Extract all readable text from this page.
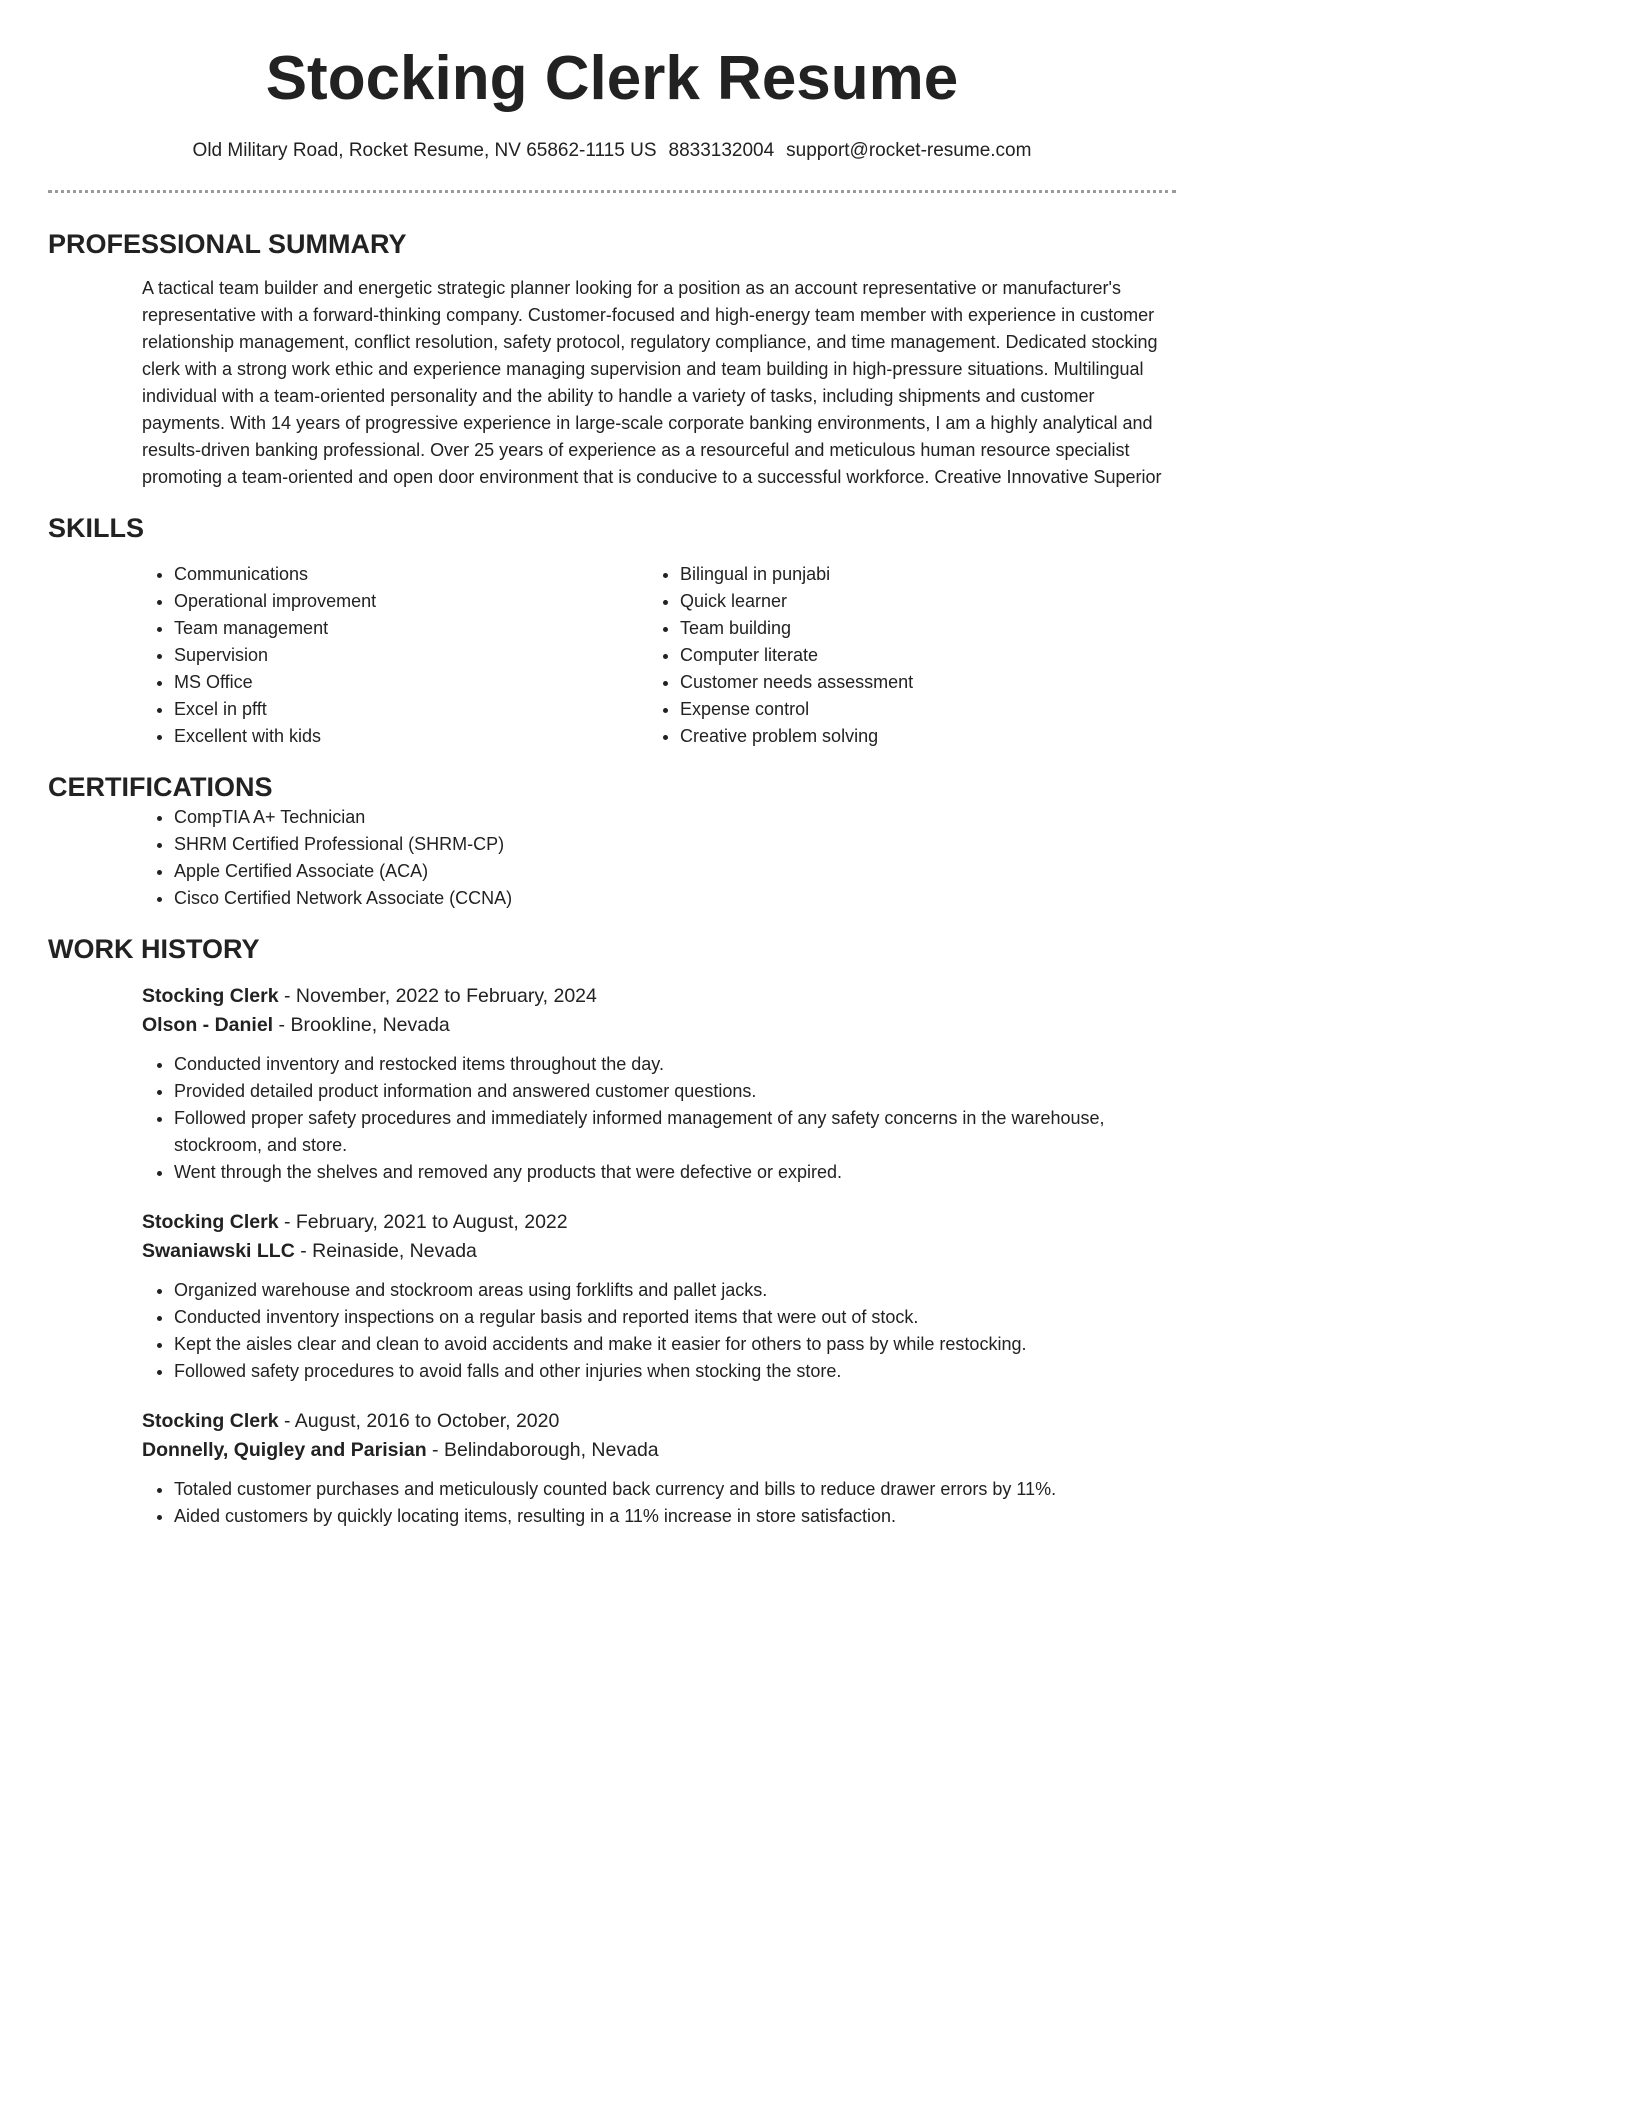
Stocking Clerk Resume
Old Military Road, Rocket Resume, NV 65862-1115 US 8833132004 support@rocket-resume.com
PROFESSIONAL SUMMARY

A tactical team builder and energetic strategic planner looking for a position as an account representative or manufacturer's representative with a forward-thinking company. Customer-focused and high-energy team member with experience in customer relationship management, conflict resolution, safety protocol, regulatory compliance, and time management. Dedicated stocking clerk with a strong work ethic and experience managing supervision and team building in high-pressure situations. Multilingual individual with a team-oriented personality and the ability to handle a variety of tasks, including shipments and customer payments. With 14 years of progressive experience in large-scale corporate banking environments, I am a highly analytical and results-driven banking professional. Over 25 years of experience as a resourceful and meticulous human resource specialist promoting a team-oriented and open door environment that is conducive to a successful workforce. Creative Innovative Superior

SKILLS
• Communications
• Operational improvement
• Team management
• Supervision
• MS Office
• Excel in pfft
• Excellent with kids
• Bilingual in punjabi
• Quick learner
• Team building
• Computer literate
• Customer needs assessment
• Expense control
• Creative problem solving
CERTIFICATIONS
• CompTIA A+ Technician
• SHRM Certified Professional (SHRM-CP)
• Apple Certified Associate (ACA)
• Cisco Certified Network Associate (CCNA)
WORK HISTORY
Stocking Clerk - November, 2022 to February, 2024
Olson - Daniel - Brookline, Nevada
• Conducted inventory and restocked items throughout the day.
• Provided detailed product information and answered customer questions.
• Followed proper safety procedures and immediately informed management of any safety concerns in the warehouse, stockroom, and store.
• Went through the shelves and removed any products that were defective or expired.
Stocking Clerk - February, 2021 to August, 2022
Swaniawski LLC - Reinaside, Nevada
• Organized warehouse and stockroom areas using forklifts and pallet jacks.
• Conducted inventory inspections on a regular basis and reported items that were out of stock.
• Kept the aisles clear and clean to avoid accidents and make it easier for others to pass by while restocking.
• Followed safety procedures to avoid falls and other injuries when stocking the store.
Stocking Clerk - August, 2016 to October, 2020
Donnelly, Quigley and Parisian - Belindaborough, Nevada
• Totaled customer purchases and meticulously counted back currency and bills to reduce drawer errors by 11%.
• Aided customers by quickly locating items, resulting in a 11% increase in store satisfaction.
